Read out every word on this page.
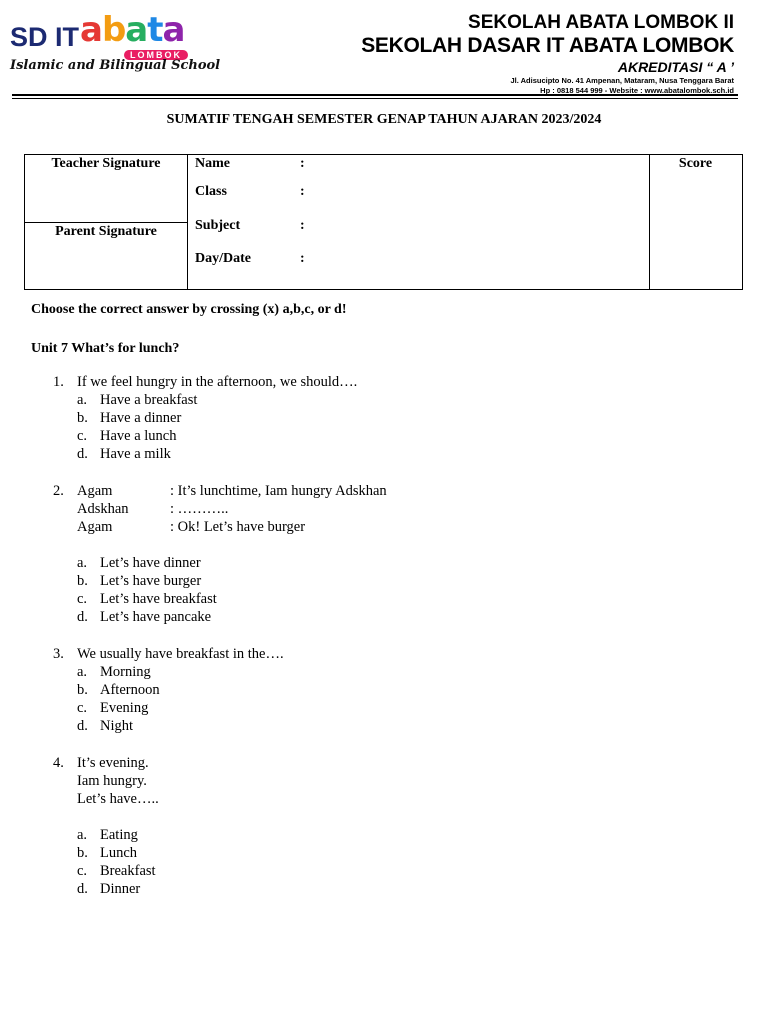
SD IT abata
LOMBOK
Islamic and Bilingual School
SEKOLAH ABATA LOMBOK II
SEKOLAH DASAR IT ABATA LOMBOK
AKREDITASI “ A ’
Jl. Adisucipto No. 41 Ampenan, Mataram, Nusa Tenggara Barat
Hp : 0818 544 999 - Website : www.abatalombok.sch.id
SUMATIF TENGAH SEMESTER GENAP TAHUN AJARAN 2023/2024
Teacher Signature
Parent Signature
Score
Name	:
Class	:
Subject	:
Day/Date	:
Choose the correct answer by crossing (x) a,b,c, or d!
Unit 7 What’s for lunch?
1. If we feel hungry in the afternoon, we should….
a. Have a breakfast
b. Have a dinner
c. Have a lunch
d. Have a milk
2. Agam	: It’s lunchtime, Iam hungry Adskhan
Adskhan	: ………..
Agam	: Ok! Let’s have burger
a. Let’s have dinner
b. Let’s have burger
c. Let’s have breakfast
d. Let’s have pancake
3. We usually have breakfast in the….
a. Morning
b. Afternoon
c. Evening
d. Night
4. It’s evening.
Iam hungry.
Let’s have…..
a. Eating
b. Lunch
c. Breakfast
d. Dinner
